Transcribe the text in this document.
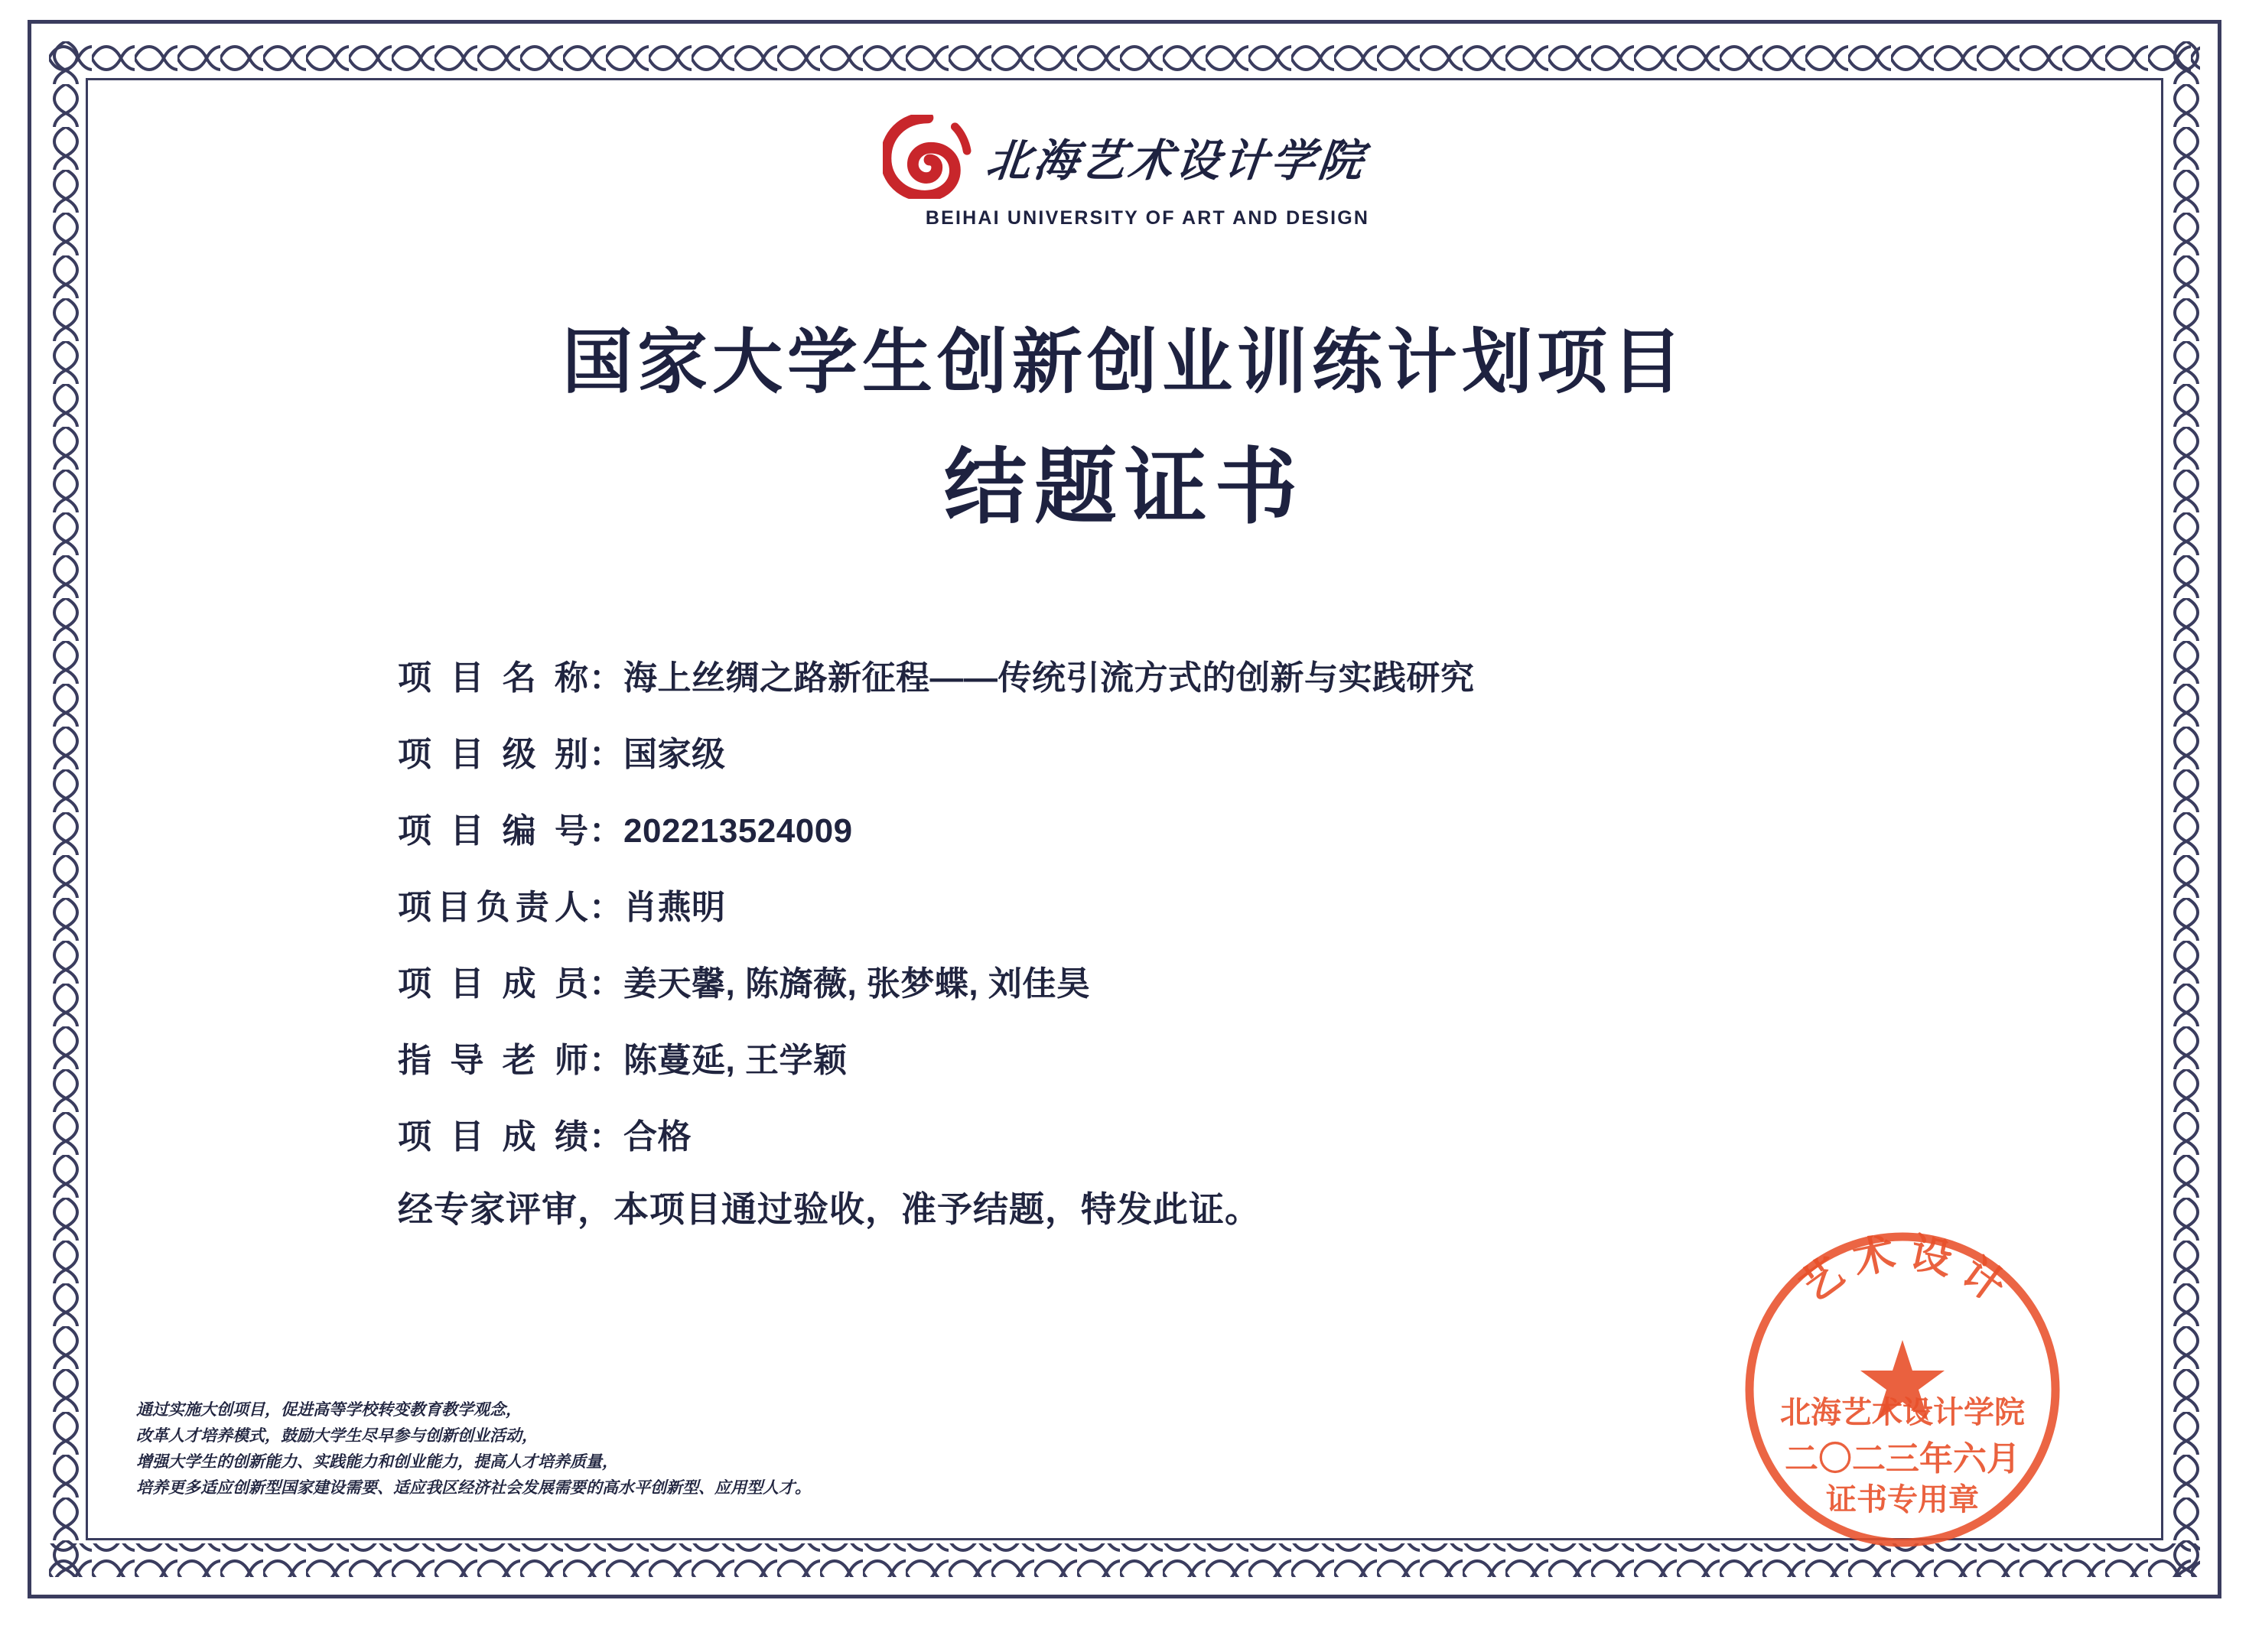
北海艺术设计学院
BEIHAI UNIVERSITY OF ART AND DESIGN
国家大学生创新创业训练计划项目
结题证书
项目名称 ： 海上丝绸之路新征程——传统引流方式的创新与实践研究
项目级别 ： 国家级
项目编号 ： 202213524009
项目负责人 ： 肖燕明
项目成员 ： 姜天馨, 陈旖薇, 张梦蝶, 刘佳昊
指导老师 ： 陈蔓延, 王学颖
项目成绩 ： 合格
经专家评审，本项目通过验收，准予结题，特发此证。
通过实施大创项目，促进高等学校转变教育教学观念，
改革人才培养模式，鼓励大学生尽早参与创新创业活动，
增强大学生的创新能力、实践能力和创业能力，提高人才培养质量，
培养更多适应创新型国家建设需要、适应我区经济社会发展需要的高水平创新型、应用型人才。
艺 术 设 计
北海艺术设计学院
二〇二三年六月
证书专用章
